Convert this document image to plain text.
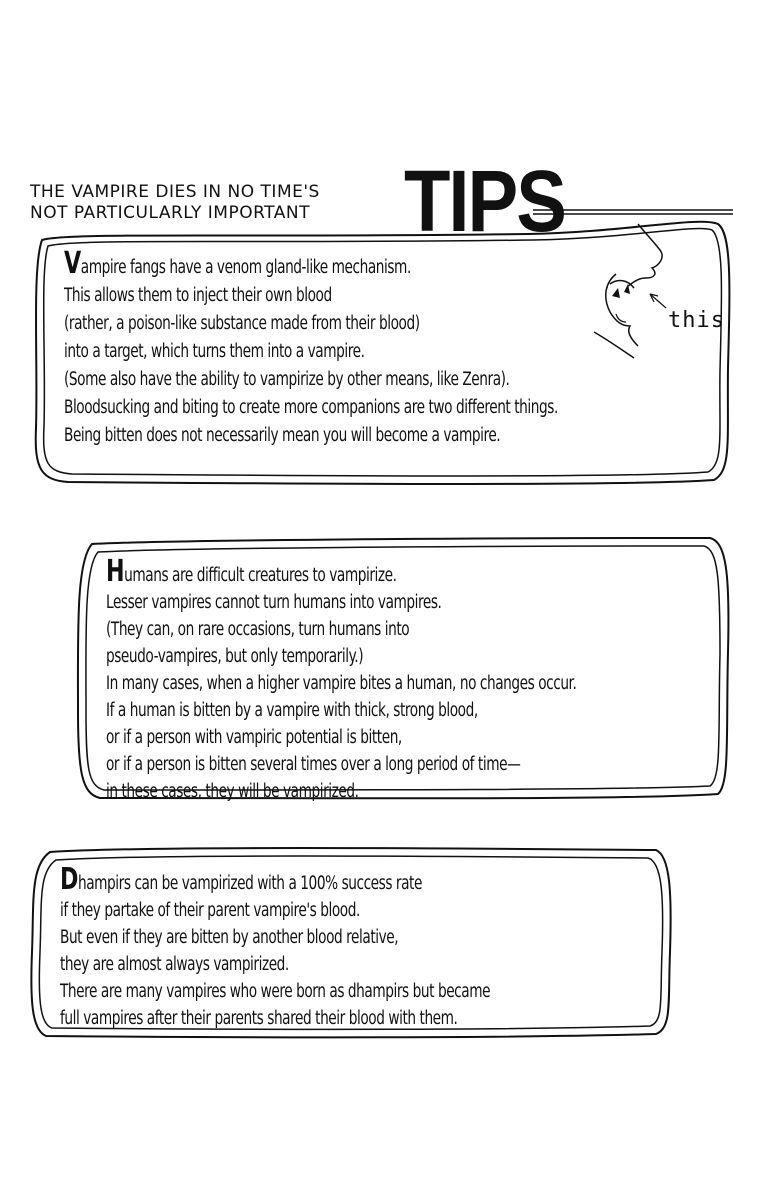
THE VAMPIRE DIES IN NO TIME'S
NOT PARTICULARLY IMPORTANT	TIPS
Vampire fangs have a venom gland-like mechanism.
This allows them to inject their own blood
(rather, a poison-like substance made from their blood)
into a target, which turns them into a vampire.
(Some also have the ability to vampirize by other means, like Zenra).
Bloodsucking and biting to create more companions are two different things.
Being bitten does not necessarily mean you will become a vampire.
this
Humans are difficult creatures to vampirize.
Lesser vampires cannot turn humans into vampires.
(They can, on rare occasions, turn humans into
pseudo-vampires, but only temporarily.)
In many cases, when a higher vampire bites a human, no changes occur.
If a human is bitten by a vampire with thick, strong blood,
or if a person with vampiric potential is bitten,
or if a person is bitten several times over a long period of time—
in these cases, they will be vampirized.
Dhampirs can be vampirized with a 100% success rate
if they partake of their parent vampire's blood.
But even if they are bitten by another blood relative,
they are almost always vampirized.
There are many vampires who were born as dhampirs but became
full vampires after their parents shared their blood with them.
